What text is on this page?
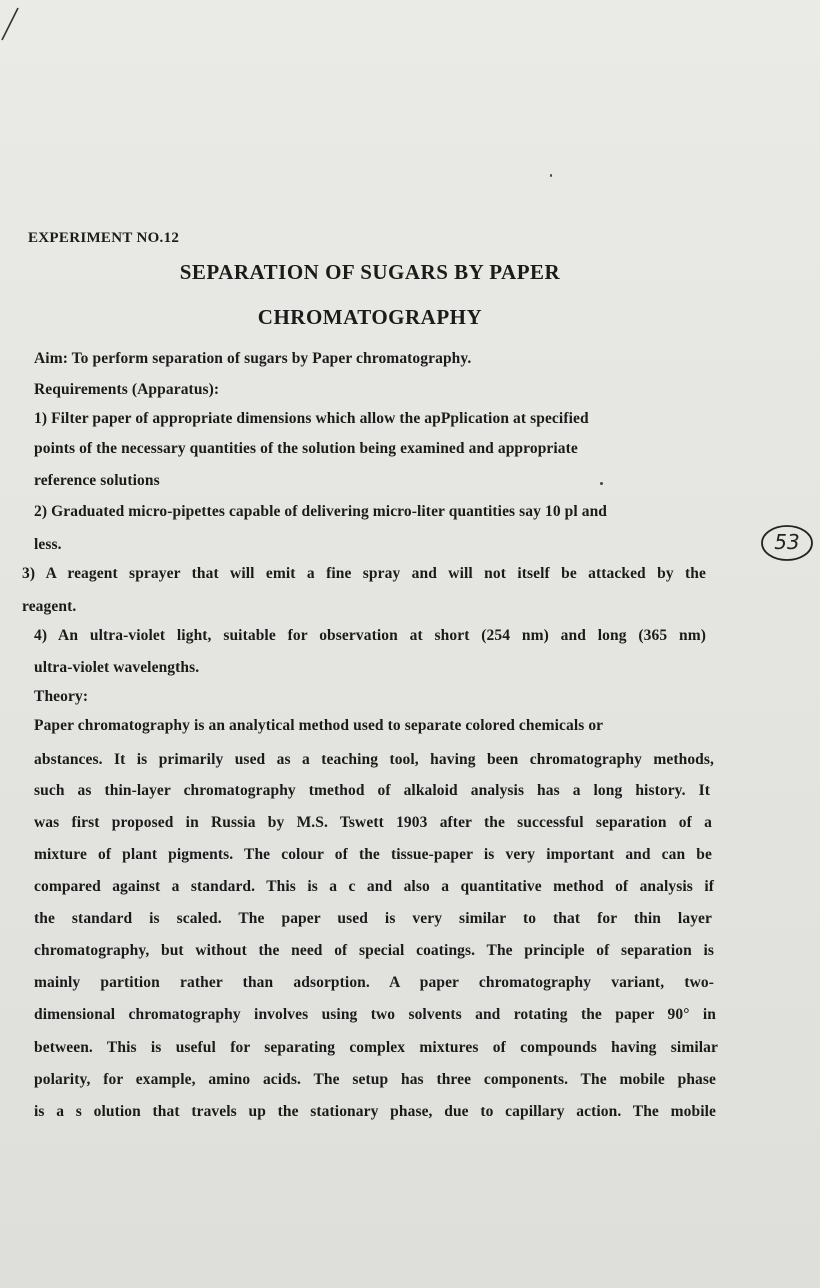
EXPERIMENT NO.12
SEPARATION OF SUGARS BY PAPER
CHROMATOGRAPHY
Aim: To perform separation of sugars by Paper chromatography.
Requirements (Apparatus):
1) Filter paper of appropriate dimensions which allow the apPplication at specified
points of the necessary quantities of the solution being examined and appropriate
reference solutions
2) Graduated micro-pipettes capable of delivering micro-liter quantities say 10 pl and
less.
3) A reagent sprayer that will emit a fine spray and will not itself be attacked by the
reagent.
4) An ultra-violet light, suitable for observation at short (254 nm) and long (365 nm)
ultra-violet wavelengths.
Theory:
Paper chromatography is an analytical method used to separate colored chemicals or
abstances. It is primarily used as a teaching tool, having been chromatography methods,
such as thin-layer chromatography tmethod of alkaloid analysis has a long history. It
was first proposed in Russia by M.S. Tswett 1903 after the successful separation of a
mixture of plant pigments. The colour of the tissue-paper is very important and can be
compared against a standard. This is a c and also a quantitative method of analysis if
the standard is scaled. The paper used is very similar to that for thin layer
chromatography, but without the need of special coatings. The principle of separation is
mainly partition rather than adsorption. A paper chromatography variant, two-
dimensional chromatography involves using two solvents and rotating the paper 90° in
between. This is useful for separating complex mixtures of compounds having similar
polarity, for example, amino acids. The setup has three components. The mobile phase
is a s olution that travels up the stationary phase, due to capillary action. The mobile
53
